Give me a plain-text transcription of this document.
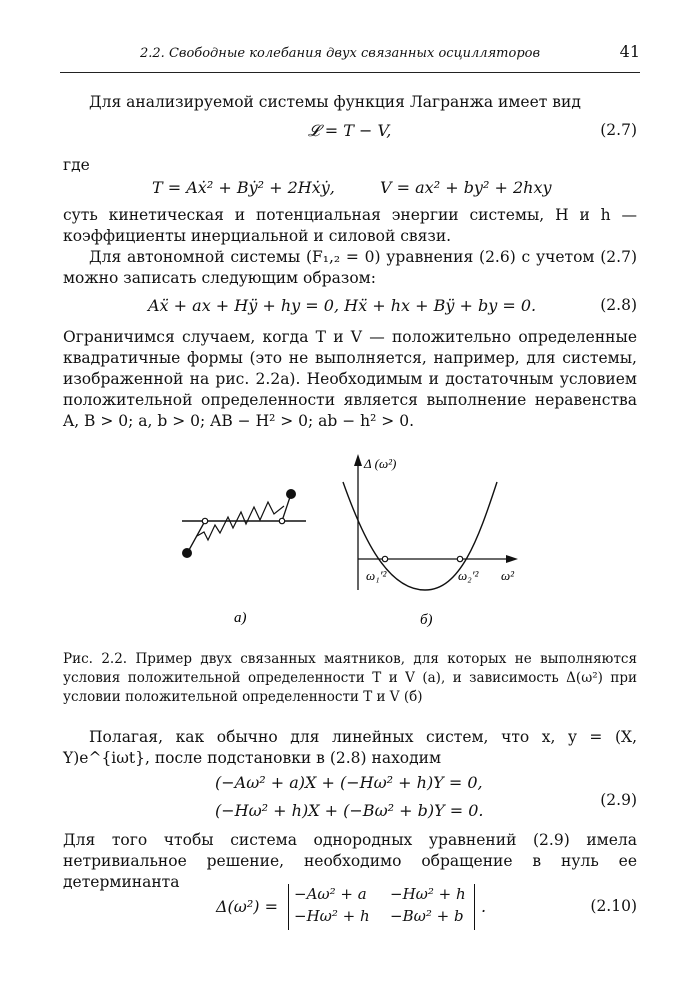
2.2. Свободные колебания двух связанных осцилляторов	41
Для анализируемой системы функция Лагранжа имеет вид
𝓛 = T − V,	(2.7)
где
T = Aẋ² + Bẏ² + 2Hẋẏ,	V = ax² + by² + 2hxy
суть кинетическая и потенциальная энергии системы, H и h — коэффициенты инерциальной и силовой связи.
Для автономной системы (F₁,₂ = 0) уравнения (2.6) с учетом (2.7) можно записать следующим образом:
Aẍ + ax + Hÿ + hy = 0, Hẍ + hx + Bÿ + by = 0.	(2.8)
Ограничимся случаем, когда T и V — положительно определенные квадратичные формы (это не выполняется, например, для системы, изображенной на рис. 2.2а). Необходимым и достаточным условием положительной определенности является выполнение неравенства A, B > 0; a, b > 0; AB − H² > 0; ab − h² > 0.
а)
Δ (ω²)
ω²
ω₁′²	ω₂′²
б)
Рис. 2.2. Пример двух связанных маятников, для которых не выполняются условия положительной определенности T и V (а), и зависимость Δ(ω²) при условии положительной определенности T и V (б)
Полагая, как обычно для линейных систем, что x, y = (X, Y)e^{iωt}, после подстановки в (2.8) находим
(−Aω² + a)X + (−Hω² + h)Y = 0,
(−Hω² + h)X + (−Bω² + b)Y = 0.
(2.9)
Для того чтобы система однородных уравнений (2.9) имела нетривиальное решение, необходимо обращение в нуль ее детерминанта
Δ(ω²) =
−Aω² + a −Hω² + h
−Hω² + h −Bω² + b .	(2.10)
